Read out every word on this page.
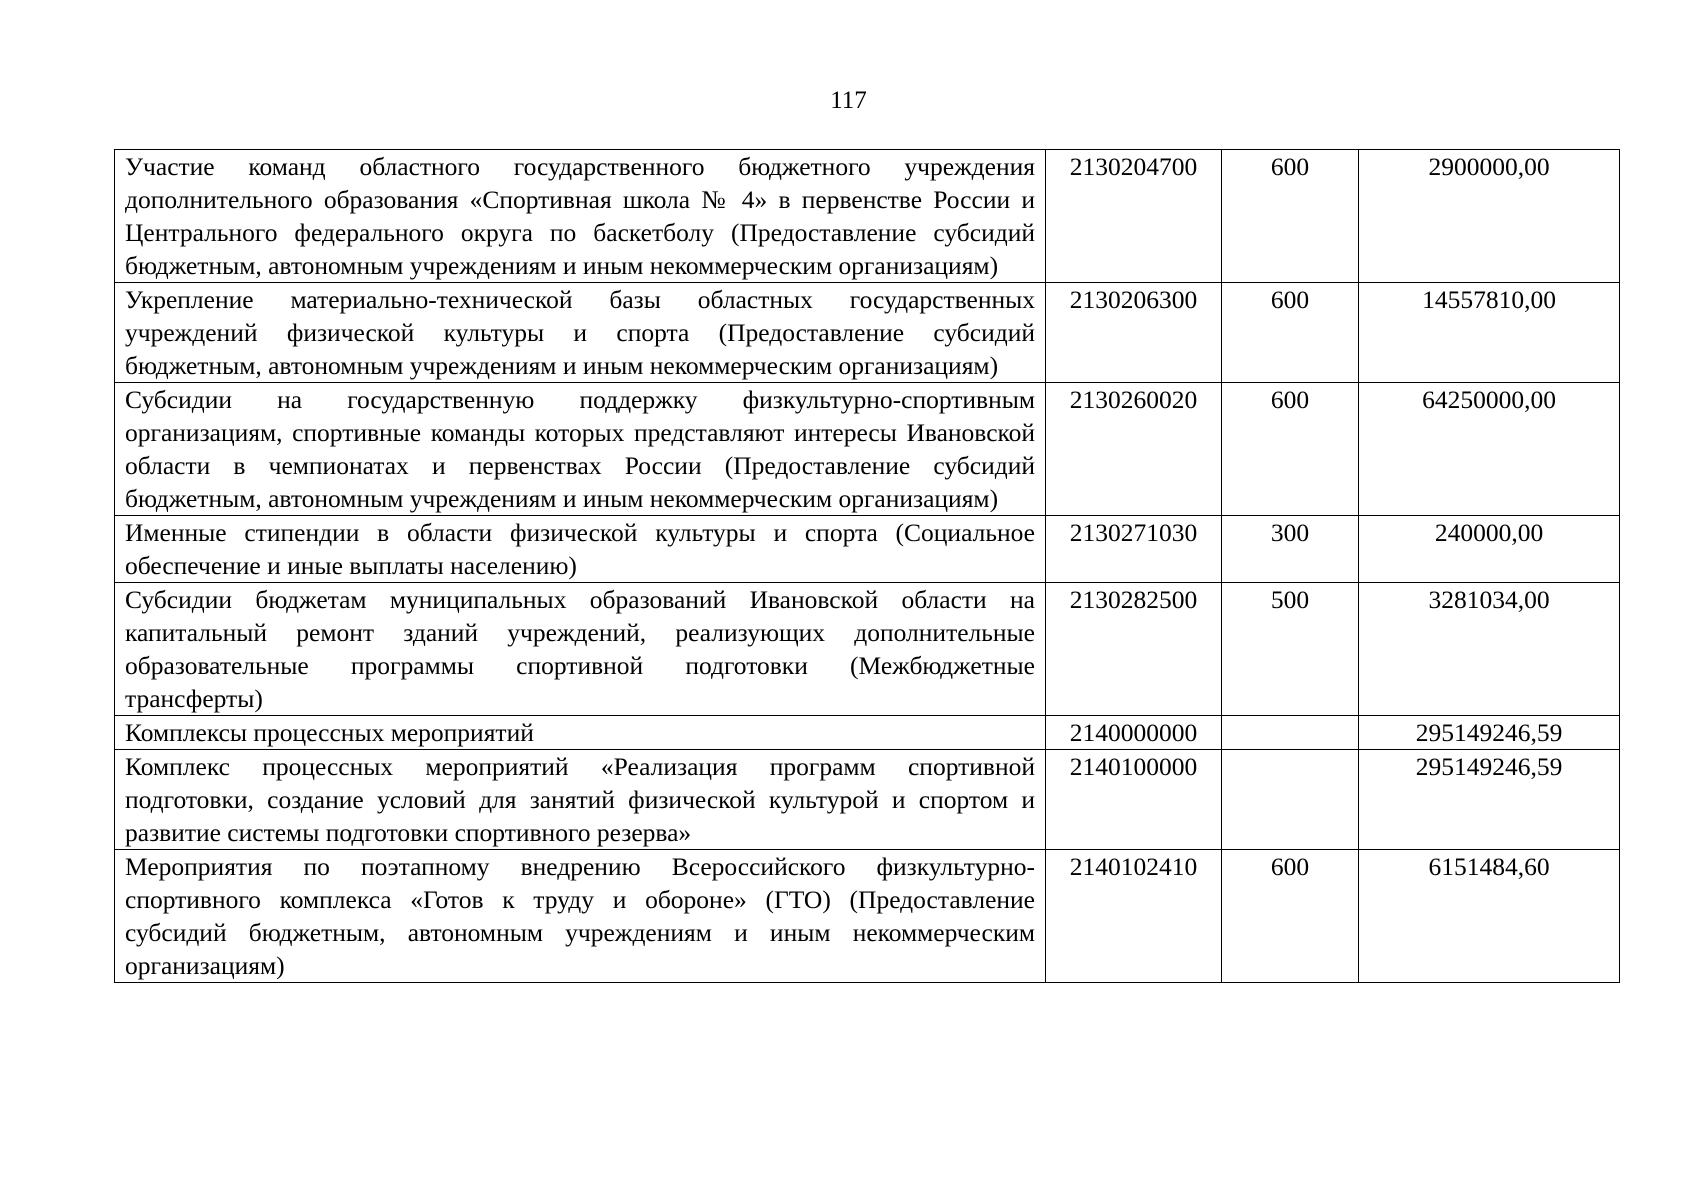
117
Участие команд областного государственного бюджетного учреждения дополнительного образования «Спортивная школа № 4» в первенстве России и Центрального федерального округа по баскетболу (Предоставление субсидий бюджетным, автономным учреждениям и иным некоммерческим организациям)	2130204700	600	2900000,00
Укрепление материально-технической базы областных государственных учреждений физической культуры и спорта (Предоставление субсидий бюджетным, автономным учреждениям и иным некоммерческим организациям)	2130206300	600	14557810,00
Субсидии на государственную поддержку физкультурно-спортивным организациям, спортивные команды которых представляют интересы Ивановской области в чемпионатах и первенствах России (Предоставление субсидий бюджетным, автономным учреждениям и иным некоммерческим организациям)	2130260020	600	64250000,00
Именные стипендии в области физической культуры и спорта (Социальное обеспечение и иные выплаты населению)	2130271030	300	240000,00
Субсидии бюджетам муниципальных образований Ивановской области на капитальный ремонт зданий учреждений, реализующих дополнительные образовательные программы спортивной подготовки (Межбюджетные трансферты)	2130282500	500	3281034,00
Комплексы процессных мероприятий	2140000000		295149246,59
Комплекс процессных мероприятий «Реализация программ спортивной подготовки, создание условий для занятий физической культурой и спортом и развитие системы подготовки спортивного резерва»	2140100000		295149246,59
Мероприятия по поэтапному внедрению Всероссийского физкультурно-спортивного комплекса «Готов к труду и обороне» (ГТО) (Предоставление субсидий бюджетным, автономным учреждениям и иным некоммерческим организациям)	2140102410	600	6151484,60
